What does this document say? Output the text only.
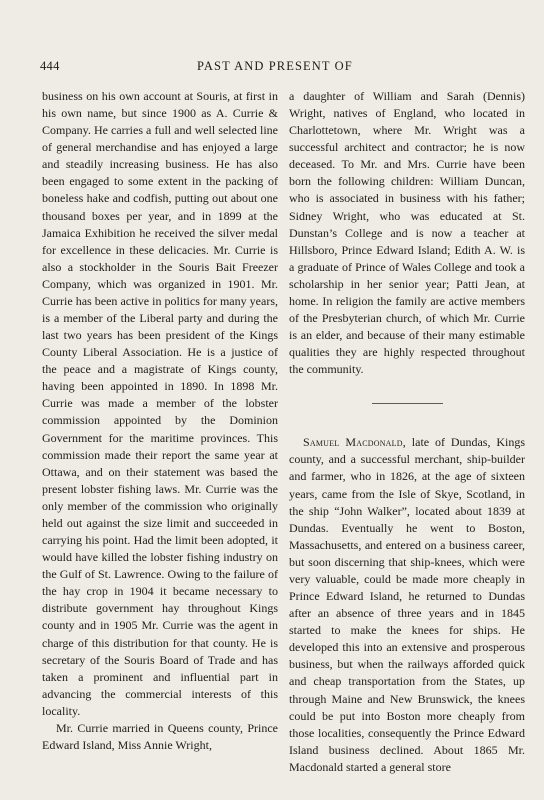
444	PAST AND PRESENT OF

business on his own account at Souris, at first in his own name, but since 1900 as A. Currie & Company. He carries a full and well selected line of general merchandise and has enjoyed a large and steadily increasing business. He has also been engaged to some extent in the packing of boneless hake and codfish, putting out about one thousand boxes per year, and in 1899 at the Jamaica Exhibition he received the silver medal for excellence in these delicacies. Mr. Currie is also a stockholder in the Souris Bait Freezer Company, which was organized in 1901. Mr. Currie has been active in politics for many years, is a member of the Liberal party and during the last two years has been president of the Kings County Liberal Association. He is a justice of the peace and a magistrate of Kings county, having been appointed in 1890. In 1898 Mr. Currie was made a member of the lobster commission appointed by the Dominion Government for the maritime provinces. This commission made their report the same year at Ottawa, and on their statement was based the present lobster fishing laws. Mr. Currie was the only member of the commission who originally held out against the size limit and succeeded in carrying his point. Had the limit been adopted, it would have killed the lobster fishing industry on the Gulf of St. Lawrence. Owing to the failure of the hay crop in 1904 it became necessary to distribute government hay throughout Kings county and in 1905 Mr. Currie was the agent in charge of this distribution for that county. He is secretary of the Souris Board of Trade and has taken a prominent and influential part in advancing the commercial interests of this locality.

Mr. Currie married in Queens county, Prince Edward Island, Miss Annie Wright,

a daughter of William and Sarah (Dennis) Wright, natives of England, who located in Charlottetown, where Mr. Wright was a successful architect and contractor; he is now deceased. To Mr. and Mrs. Currie have been born the following children: William Duncan, who is associated in business with his father; Sidney Wright, who was educated at St. Dunstan’s College and is now a teacher at Hillsboro, Prince Edward Island; Edith A. W. is a graduate of Prince of Wales College and took a scholarship in her senior year; Patti Jean, at home. In religion the family are active members of the Presbyterian church, of which Mr. Currie is an elder, and because of their many estimable qualities they are highly respected throughout the community.

Samuel Macdonald, late of Dundas, Kings county, and a successful merchant, ship-builder and farmer, who in 1826, at the age of sixteen years, came from the Isle of Skye, Scotland, in the ship “John Walker”, located about 1839 at Dundas. Eventually he went to Boston, Massachusetts, and entered on a business career, but soon discerning that ship-knees, which were very valuable, could be made more cheaply in Prince Edward Island, he returned to Dundas after an absence of three years and in 1845 started to make the knees for ships. He developed this into an extensive and prosperous business, but when the railways afforded quick and cheap transportation from the States, up through Maine and New Brunswick, the knees could be put into Boston more cheaply from those localities, consequently the Prince Edward Island business declined. About 1865 Mr. Macdonald started a general store
